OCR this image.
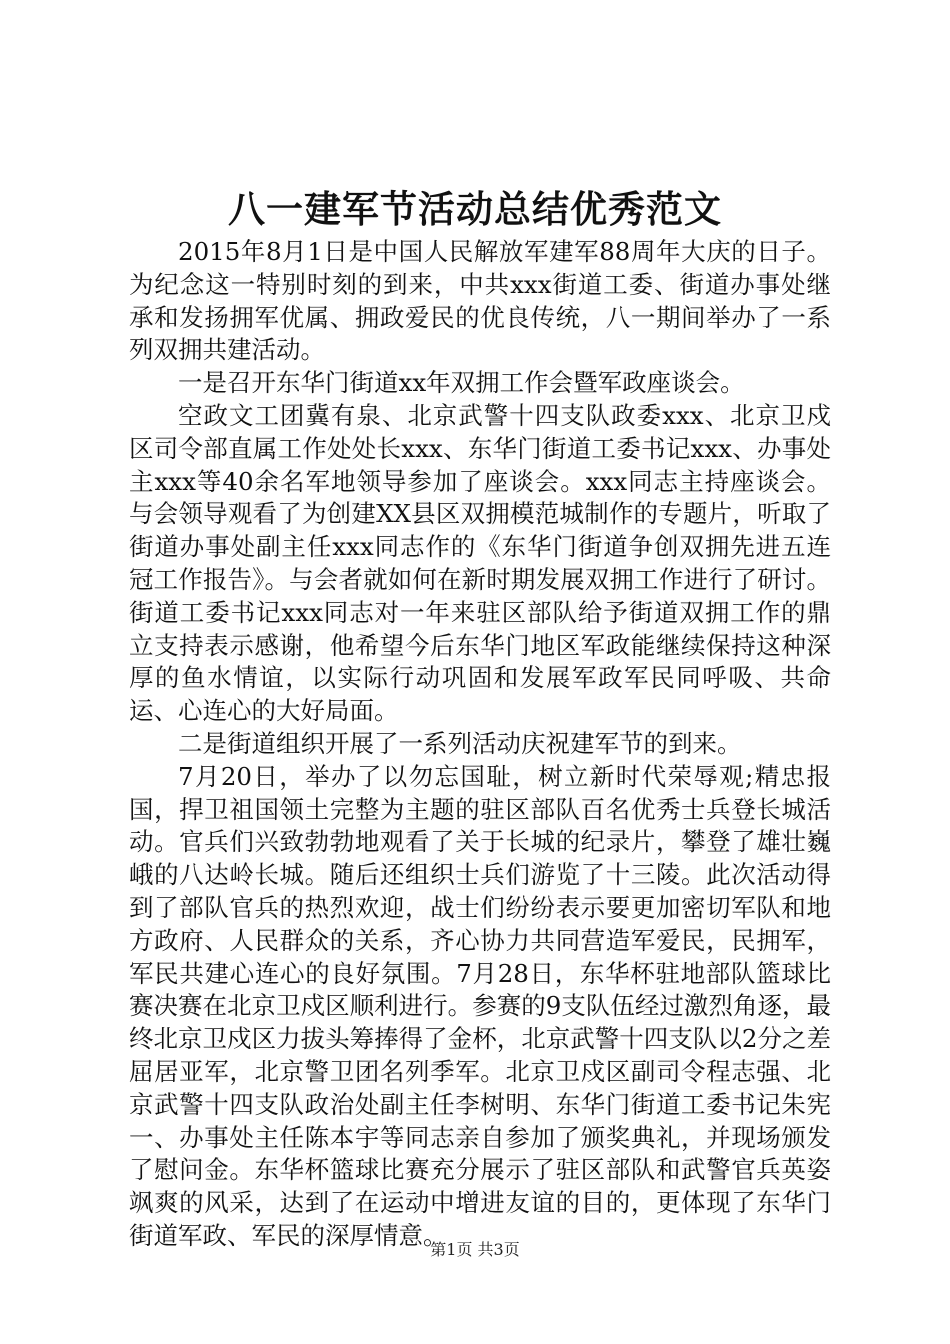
八一建军节活动总结优秀范文

2015年8月1日是中国人民解放军建军88周年大庆的日子。为纪念这一特别时刻的到来，中共xxx街道工委、街道办事处继承和发扬拥军优属、拥政爱民的优良传统，八一期间举办了一系列双拥共建活动。

一是召开东华门街道xx年双拥工作会暨军政座谈会。

空政文工团冀有泉、北京武警十四支队政委xxx、北京卫戍区司令部直属工作处处长xxx、东华门街道工委书记xxx、办事处主xxx等40余名军地领导参加了座谈会。xxx同志主持座谈会。与会领导观看了为创建XX县区双拥模范城制作的专题片，听取了街道办事处副主任xxx同志作的《东华门街道争创双拥先进五连冠工作报告》。与会者就如何在新时期发展双拥工作进行了研讨。街道工委书记xxx同志对一年来驻区部队给予街道双拥工作的鼎立支持表示感谢，他希望今后东华门地区军政能继续保持这种深厚的鱼水情谊，以实际行动巩固和发展军政军民同呼吸、共命运、心连心的大好局面。

二是街道组织开展了一系列活动庆祝建军节的到来。

7月20日，举办了以勿忘国耻，树立新时代荣辱观;精忠报国，捍卫祖国领土完整为主题的驻区部队百名优秀士兵登长城活动。官兵们兴致勃勃地观看了关于长城的纪录片，攀登了雄壮巍峨的八达岭长城。随后还组织士兵们游览了十三陵。此次活动得到了部队官兵的热烈欢迎，战士们纷纷表示要更加密切军队和地方政府、人民群众的关系，齐心协力共同营造军爱民，民拥军，军民共建心连心的良好氛围。7月28日，东华杯驻地部队篮球比赛决赛在北京卫戍区顺利进行。参赛的9支队伍经过激烈角逐，最终北京卫戍区力拔头筹捧得了金杯，北京武警十四支队以2分之差屈居亚军，北京警卫团名列季军。北京卫戍区副司令程志强、北京武警十四支队政治处副主任李树明、东华门街道工委书记朱宪一、办事处主任陈本宇等同志亲自参加了颁奖典礼，并现场颁发了慰问金。东华杯篮球比赛充分展示了驻区部队和武警官兵英姿飒爽的风采，达到了在运动中增进友谊的目的，更体现了东华门街道军政、军民的深厚情意。

第1页 共3页
